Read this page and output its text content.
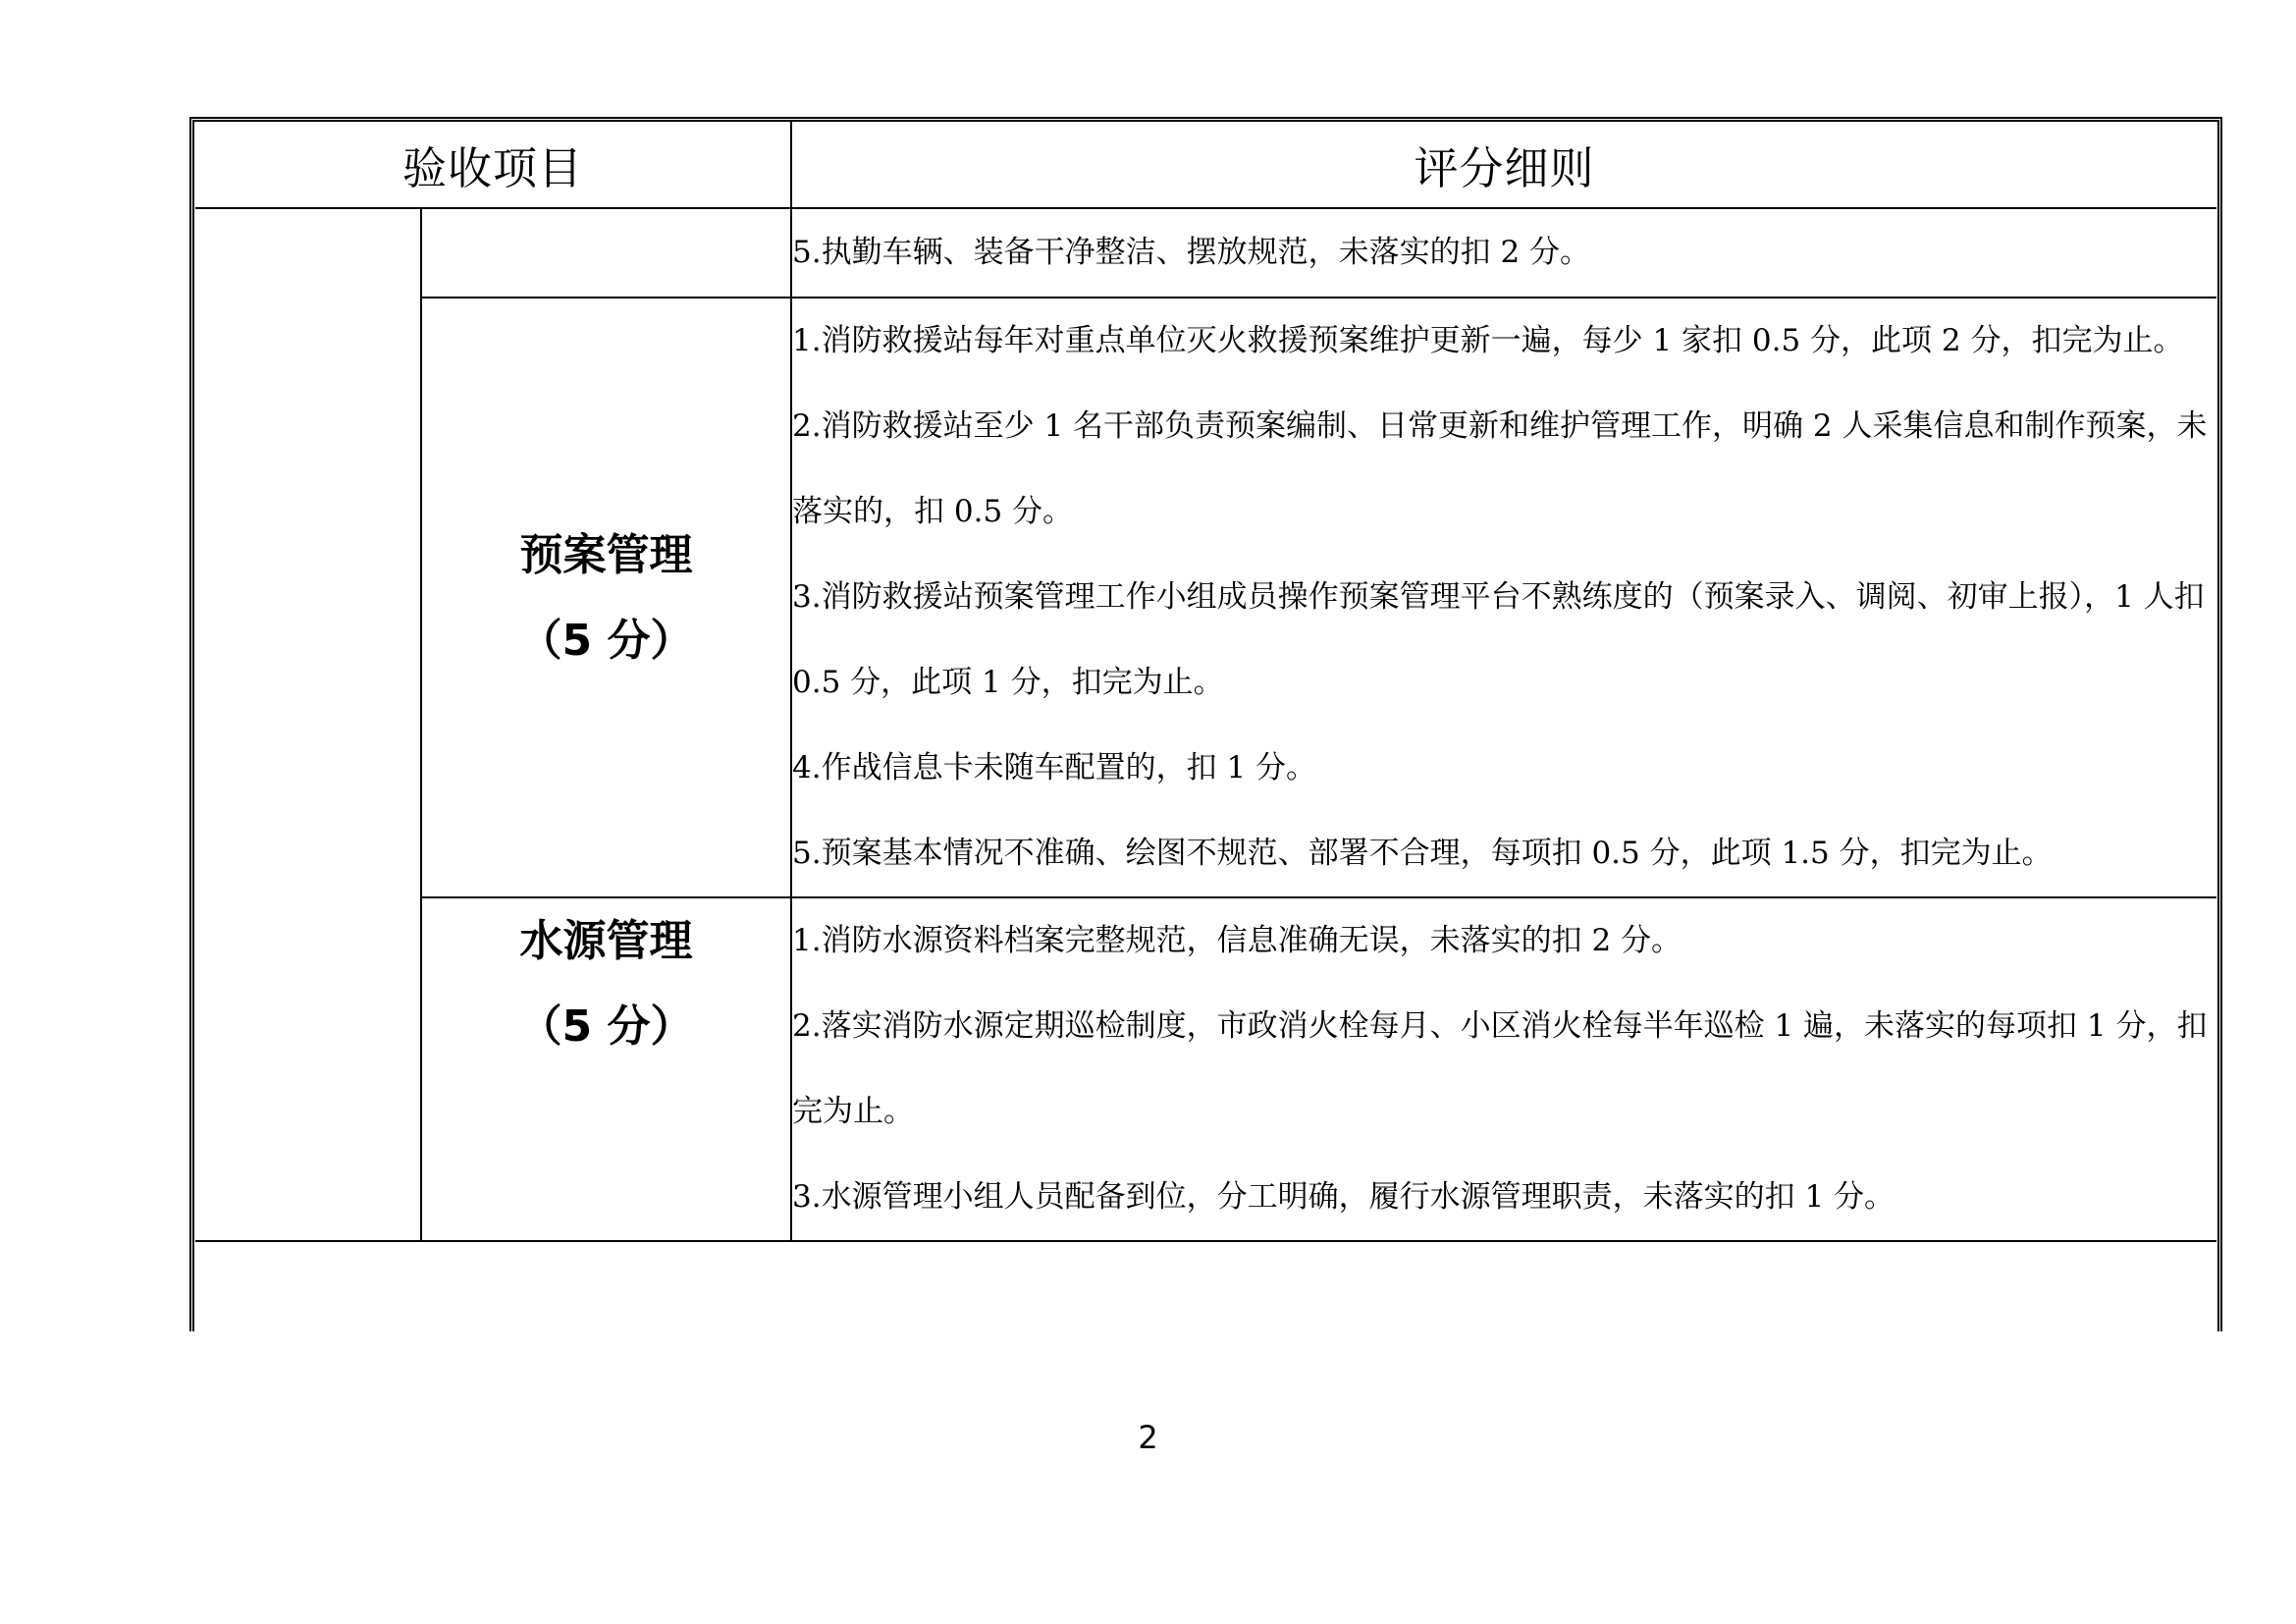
验收项目		评分细则

		5.执勤车辆、装备干净整洁、摆放规范，未落实的扣 2 分。

	预案管理
（5 分）	1.消防救援站每年对重点单位灭火救援预案维护更新一遍，每少 1 家扣 0.5 分，此项 2 分，扣完为止。
2.消防救援站至少 1 名干部负责预案编制、日常更新和维护管理工作，明确 2 人采集信息和制作预案，未落实的，扣 0.5 分。
3.消防救援站预案管理工作小组成员操作预案管理平台不熟练度的（预案录入、调阅、初审上报），1 人扣 0.5 分，此项 1 分，扣完为止。
4.作战信息卡未随车配置的，扣 1 分。
5.预案基本情况不准确、绘图不规范、部署不合理，每项扣 0.5 分，此项 1.5 分，扣完为止。

	水源管理
（5 分）	1.消防水源资料档案完整规范，信息准确无误，未落实的扣 2 分。
2.落实消防水源定期巡检制度，市政消火栓每月、小区消火栓每半年巡检 1 遍，未落实的每项扣 1 分，扣完为止。
3.水源管理小组人员配备到位，分工明确，履行水源管理职责，未落实的扣 1 分。
2
